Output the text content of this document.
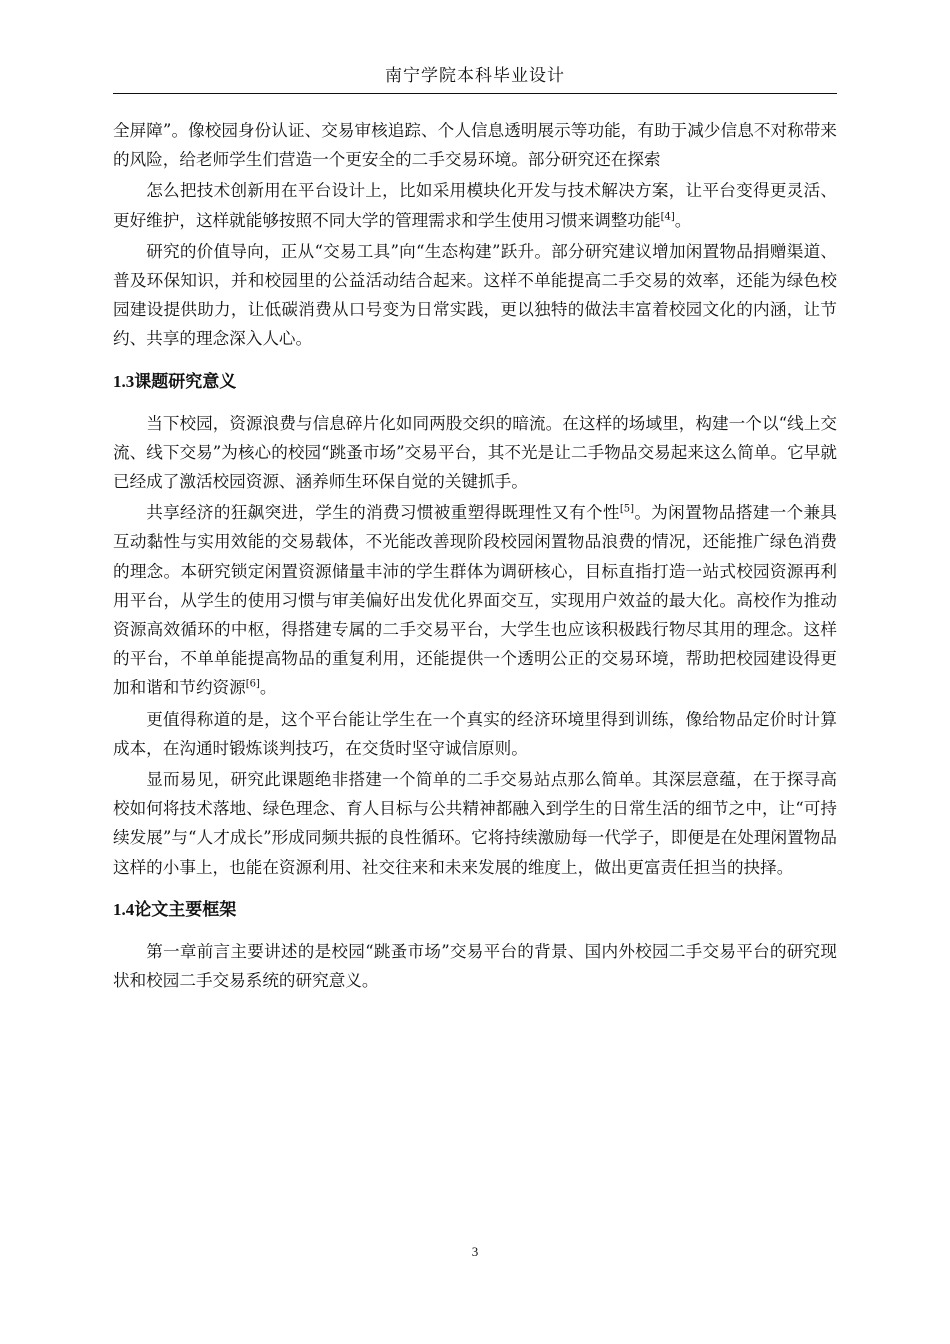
南宁学院本科毕业设计

全屏障”。像校园身份认证、交易审核追踪、个人信息透明展示等功能，有助于减少信息不对称带来的风险，给老师学生们营造一个更安全的二手交易环境。部分研究还在探索

怎么把技术创新用在平台设计上，比如采用模块化开发与技术解决方案，让平台变得更灵活、更好维护，这样就能够按照不同大学的管理需求和学生使用习惯来调整功能[4]。

研究的价值导向，正从“交易工具”向“生态构建”跃升。部分研究建议增加闲置物品捐赠渠道、普及环保知识，并和校园里的公益活动结合起来。这样不单能提高二手交易的效率，还能为绿色校园建设提供助力，让低碳消费从口号变为日常实践，更以独特的做法丰富着校园文化的内涵，让节约、共享的理念深入人心。

1.3课题研究意义

当下校园，资源浪费与信息碎片化如同两股交织的暗流。在这样的场域里，构建一个以“线上交流、线下交易”为核心的校园“跳蚤市场”交易平台，其不光是让二手物品交易起来这么简单。它早就已经成了激活校园资源、涵养师生环保自觉的关键抓手。

共享经济的狂飙突进，学生的消费习惯被重塑得既理性又有个性[5]。为闲置物品搭建一个兼具互动黏性与实用效能的交易载体，不光能改善现阶段校园闲置物品浪费的情况，还能推广绿色消费的理念。本研究锁定闲置资源储量丰沛的学生群体为调研核心，目标直指打造一站式校园资源再利用平台，从学生的使用习惯与审美偏好出发优化界面交互，实现用户效益的最大化。高校作为推动资源高效循环的中枢，得搭建专属的二手交易平台，大学生也应该积极践行物尽其用的理念。这样的平台，不单单能提高物品的重复利用，还能提供一个透明公正的交易环境，帮助把校园建设得更加和谐和节约资源[6]。

更值得称道的是，这个平台能让学生在一个真实的经济环境里得到训练，像给物品定价时计算成本，在沟通时锻炼谈判技巧，在交货时坚守诚信原则。

显而易见，研究此课题绝非搭建一个简单的二手交易站点那么简单。其深层意蕴，在于探寻高校如何将技术落地、绿色理念、育人目标与公共精神都融入到学生的日常生活的细节之中，让“可持续发展”与“人才成长”形成同频共振的良性循环。它将持续激励每一代学子，即便是在处理闲置物品这样的小事上，也能在资源利用、社交往来和未来发展的维度上，做出更富责任担当的抉择。

1.4论文主要框架

第一章前言主要讲述的是校园“跳蚤市场”交易平台的背景、国内外校园二手交易平台的研究现状和校园二手交易系统的研究意义。

3
